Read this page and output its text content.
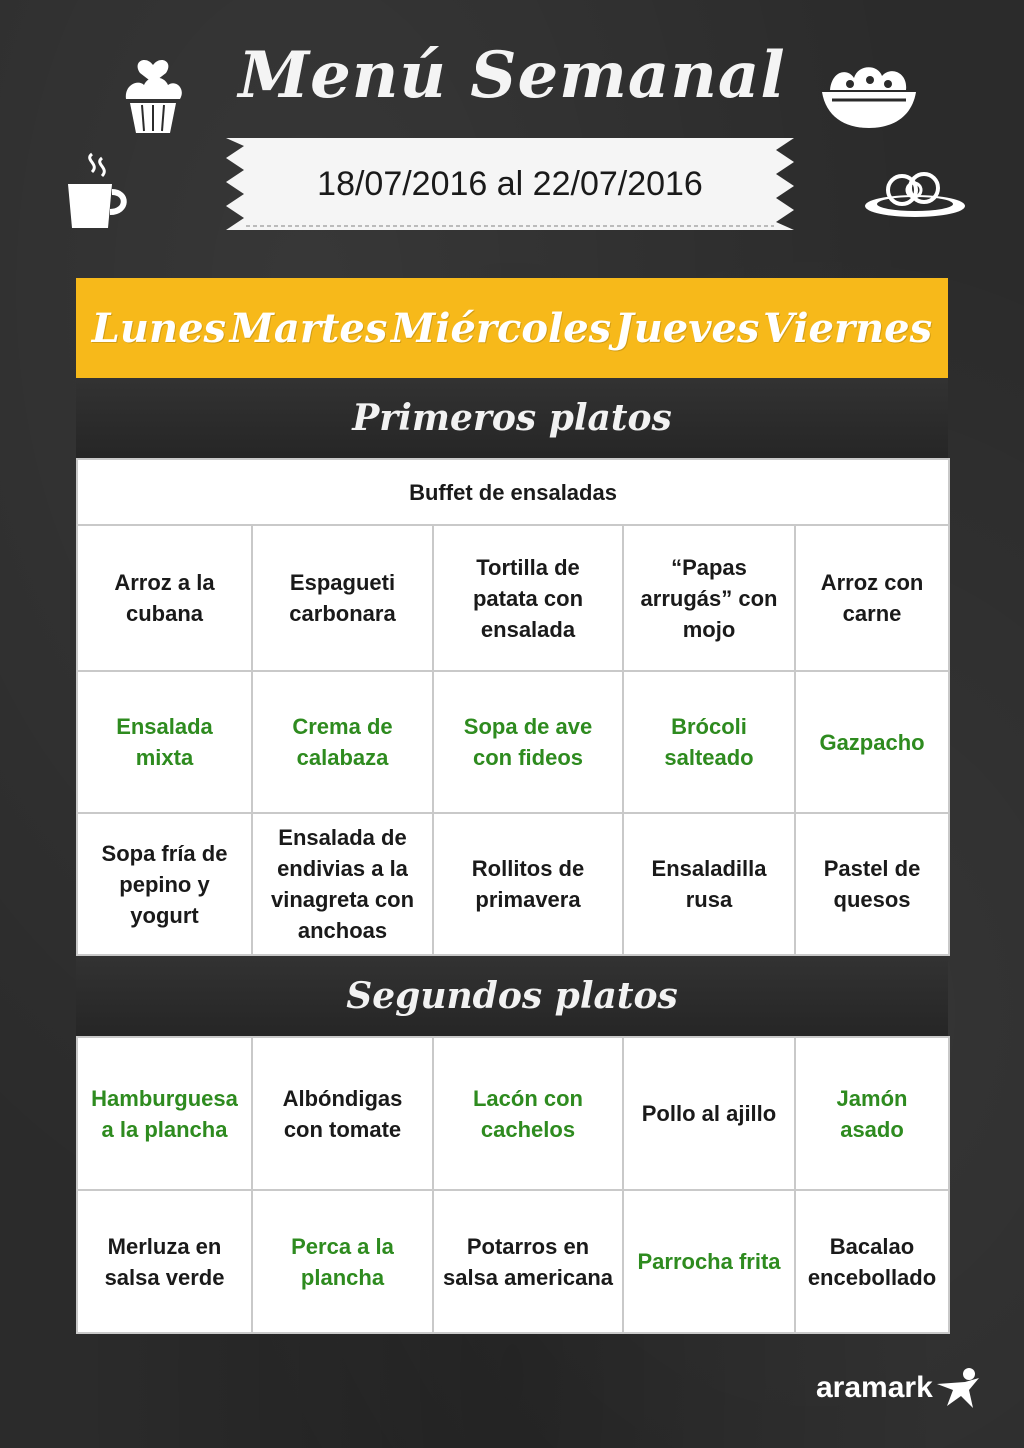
Menú Semanal
18/07/2016 al 22/07/2016
Lunes Martes Miércoles Jueves Viernes
Primeros platos
Buffet de ensaladas				
Arroz a la cubana	Espagueti carbonara	Tortilla de patata con ensalada	“Papas arrugás” con mojo	Arroz con carne
Ensalada mixta	Crema de calabaza	Sopa de ave con fideos	Brócoli salteado	Gazpacho
Sopa fría de pepino y yogurt	Ensalada de endivias a la vinagreta con anchoas	Rollitos de primavera	Ensaladilla rusa	Pastel de quesos
Segundos platos
Hamburguesa a la plancha	Albóndigas con tomate	Lacón con cachelos	Pollo al ajillo	Jamón asado
Merluza en salsa verde	Perca a la plancha	Potarros en salsa americana	Parrocha frita	Bacalao encebollado
aramark
